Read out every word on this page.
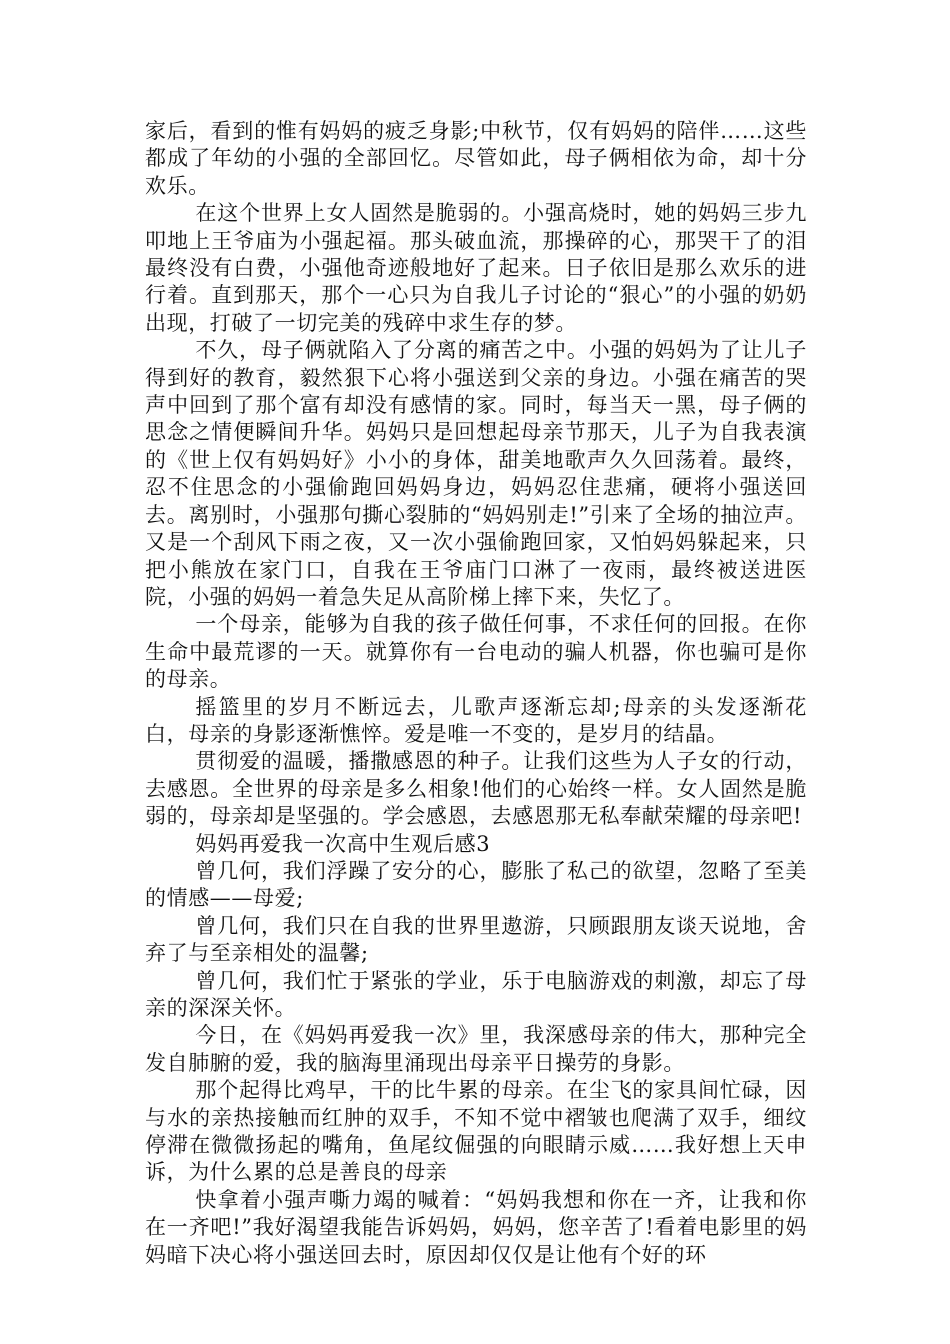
家后，看到的惟有妈妈的疲乏身影;中秋节，仅有妈妈的陪伴……这些都成了年幼的小强的全部回忆。尽管如此，母子俩相依为命，却十分欢乐。

在这个世界上女人固然是脆弱的。小强高烧时，她的妈妈三步九叩地上王爷庙为小强起福。那头破血流，那操碎的心，那哭干了的泪最终没有白费，小强他奇迹般地好了起来。日子依旧是那么欢乐的进行着。直到那天，那个一心只为自我儿子讨论的“狠心”的小强的奶奶出现，打破了一切完美的残碎中求生存的梦。

不久，母子俩就陷入了分离的痛苦之中。小强的妈妈为了让儿子得到好的教育，毅然狠下心将小强送到父亲的身边。小强在痛苦的哭声中回到了那个富有却没有感情的家。同时，每当天一黑，母子俩的思念之情便瞬间升华。妈妈只是回想起母亲节那天，儿子为自我表演的《世上仅有妈妈好》小小的身体，甜美地歌声久久回荡着。最终，忍不住思念的小强偷跑回妈妈身边，妈妈忍住悲痛，硬将小强送回去。离别时，小强那句撕心裂肺的“妈妈别走!”引来了全场的抽泣声。又是一个刮风下雨之夜，又一次小强偷跑回家，又怕妈妈躲起来，只把小熊放在家门口，自我在王爷庙门口淋了一夜雨，最终被送进医院，小强的妈妈一着急失足从高阶梯上摔下来，失忆了。

一个母亲，能够为自我的孩子做任何事，不求任何的回报。在你生命中最荒谬的一天。就算你有一台电动的骗人机器，你也骗可是你的母亲。

摇篮里的岁月不断远去，儿歌声逐渐忘却;母亲的头发逐渐花白，母亲的身影逐渐憔悴。爱是唯一不变的，是岁月的结晶。

贯彻爱的温暖，播撒感恩的种子。让我们这些为人子女的行动，去感恩。全世界的母亲是多么相象!他们的心始终一样。女人固然是脆弱的，母亲却是坚强的。学会感恩，去感恩那无私奉献荣耀的母亲吧!

妈妈再爱我一次高中生观后感3

曾几何，我们浮躁了安分的心，膨胀了私己的欲望，忽略了至美的情感——母爱;

曾几何，我们只在自我的世界里遨游，只顾跟朋友谈天说地，舍弃了与至亲相处的温馨;

曾几何，我们忙于紧张的学业，乐于电脑游戏的刺激，却忘了母亲的深深关怀。

今日，在《妈妈再爱我一次》里，我深感母亲的伟大，那种完全发自肺腑的爱，我的脑海里涌现出母亲平日操劳的身影。

那个起得比鸡早，干的比牛累的母亲。在尘飞的家具间忙碌，因与水的亲热接触而红肿的双手，不知不觉中褶皱也爬满了双手，细纹停滞在微微扬起的嘴角，鱼尾纹倔强的向眼睛示威……我好想上天申诉，为什么累的总是善良的母亲

快拿着小强声嘶力竭的喊着：“妈妈我想和你在一齐，让我和你在一齐吧!”我好渴望我能告诉妈妈，妈妈，您辛苦了!看着电影里的妈妈暗下决心将小强送回去时，原因却仅仅是让他有个好的环
